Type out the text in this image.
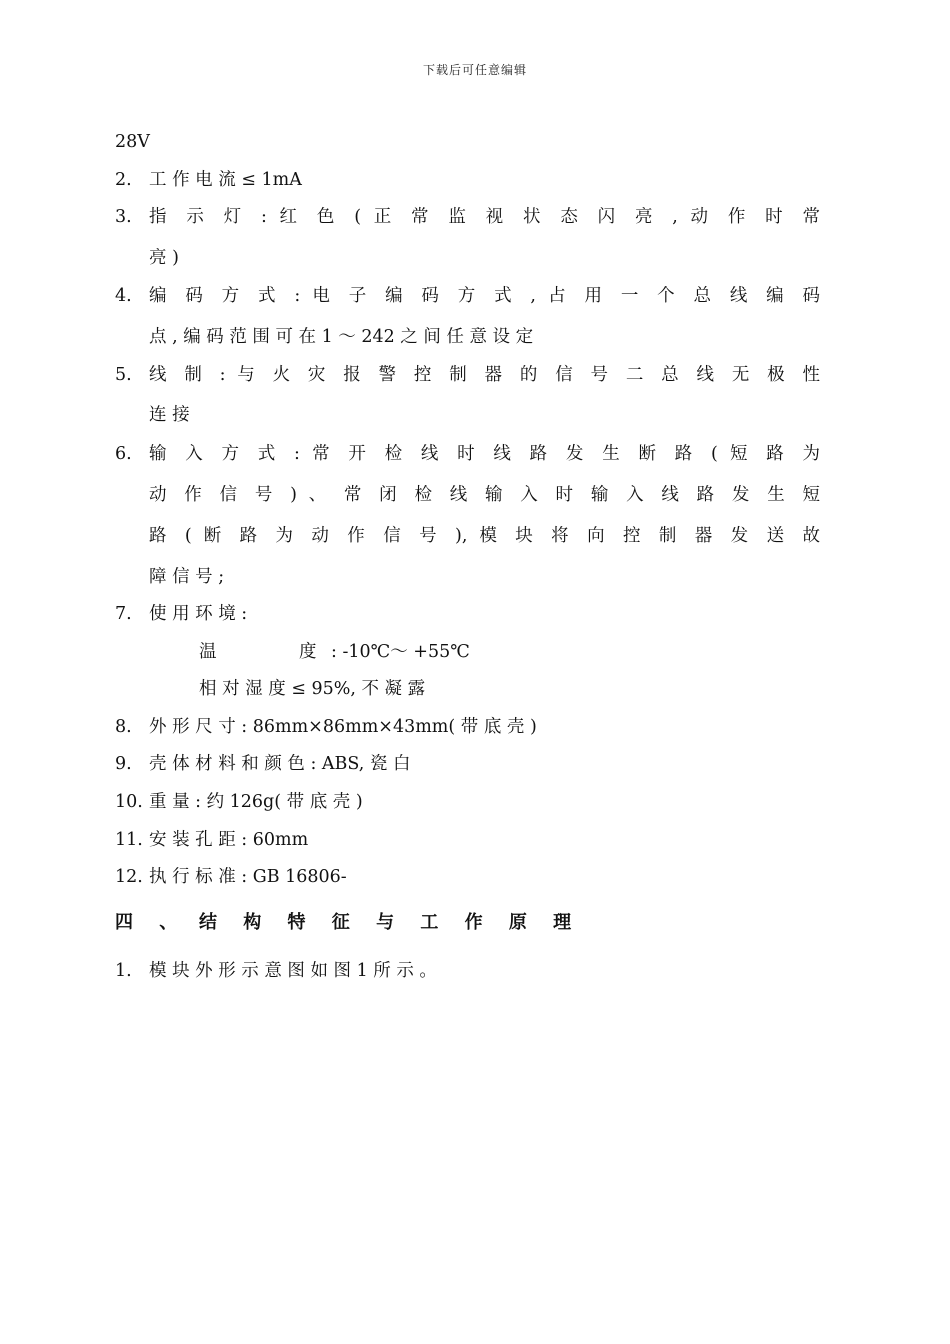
下载后可任意编辑
28V
2. 工 作 电 流 ≤ 1mA
3. 指 示 灯 : 红 色 ( 正 常 监 视 状 态 闪 亮 , 动 作 时 常
亮 )
4. 编 码 方 式 : 电 子 编 码 方 式 , 占 用 一 个 总 线 编 码
点 , 编 码 范 围 可 在 1 ～ 242 之 间 任 意 设 定
5. 线 制 : 与 火 灾 报 警 控 制 器 的 信 号 二 总 线 无 极 性
连 接
6. 输 入 方 式 : 常 开 检 线 时 线 路 发 生 断 路 ( 短 路 为
动 作 信 号 ) 、 常 闭 检 线 输 入 时 输 入 线 路 发 生 短
路 ( 断 路 为 动 作 信 号 ), 模 块 将 向 控 制 器 发 送 故
障 信 号 ;
7. 使 用 环 境 :
温	度 : -10℃～ +55℃
相 对 湿 度 ≤ 95%, 不 凝 露
8. 外 形 尺 寸 : 86mm×86mm×43mm( 带 底 壳 )
9. 壳 体 材 料 和 颜 色 : ABS, 瓷 白
10. 重 量 : 约 126g( 带 底 壳 )
11. 安 装 孔 距 : 60mm
12. 执 行 标 准 : GB 16806-
四 、 结 构 特 征 与 工 作 原 理
1. 模 块 外 形 示 意 图 如 图 1 所 示 。
